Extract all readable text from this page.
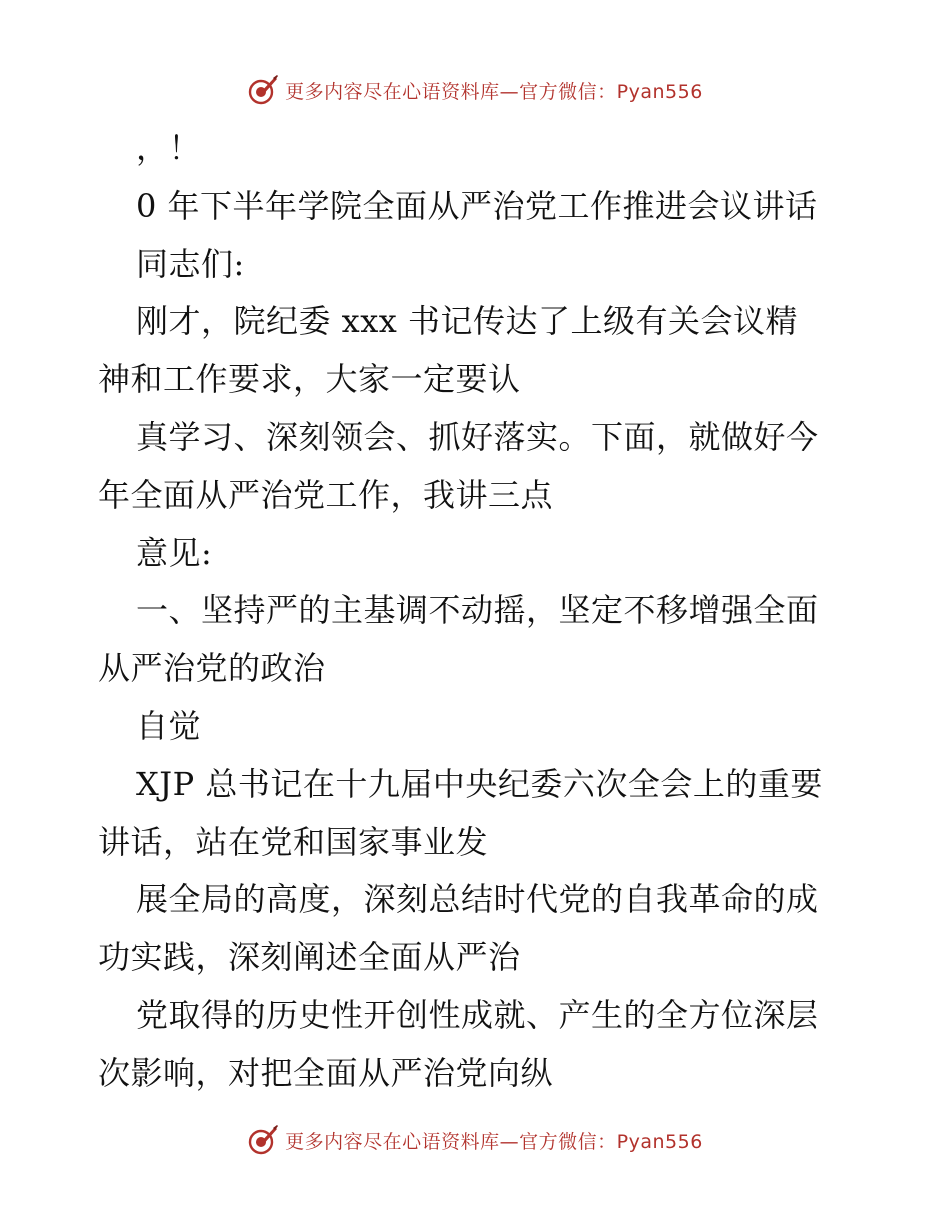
更多内容尽在心语资料库—官方微信：Pyan556
，！
0 年下半年学院全面从严治党工作推进会议讲话
同志们:
刚才，院纪委 xxx 书记传达了上级有关会议精
神和工作要求，大家一定要认
真学习、深刻领会、抓好落实。下面，就做好今
年全面从严治党工作，我讲三点
意见:
一、坚持严的主基调不动摇，坚定不移增强全面
从严治党的政治
自觉
XJP 总书记在十九届中央纪委六次全会上的重要
讲话，站在党和国家事业发
展全局的高度，深刻总结时代党的自我革命的成
功实践，深刻阐述全面从严治
党取得的历史性开创性成就、产生的全方位深层
次影响，对把全面从严治党向纵
更多内容尽在心语资料库—官方微信：Pyan556
